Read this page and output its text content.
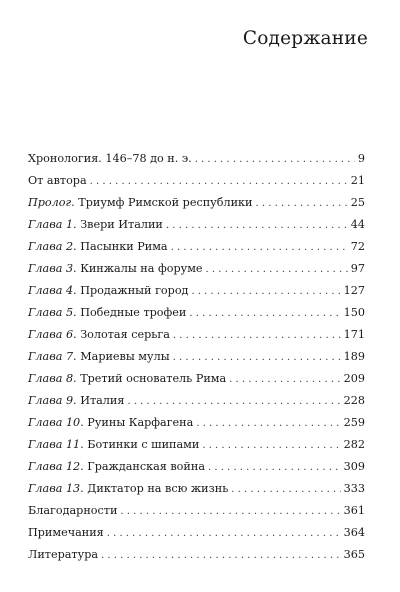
Содержание
Хронология. 146–78 до н. э. . . .	9
От автора . . .	21
Пролог. Триумф Римской республики . . .	25
Глава 1. Звери Италии . . .	44
Глава 2. Пасынки Рима . . .	72
Глава 3. Кинжалы на форуме . . .	97
Глава 4. Продажный город . . .	127
Глава 5. Победные трофеи . . .	150
Глава 6. Золотая серьга . . .	171
Глава 7. Мариевы мулы . . .	189
Глава 8. Третий основатель Рима . . .	209
Глава 9. Италия . . .	228
Глава 10. Руины Карфагена . . .	259
Глава 11. Ботинки с шипами . . .	282
Глава 12. Гражданская война . . .	309
Глава 13. Диктатор на всю жизнь . . .	333
Благодарности . . .	361
Примечания . . .	364
Литература . . .	365
